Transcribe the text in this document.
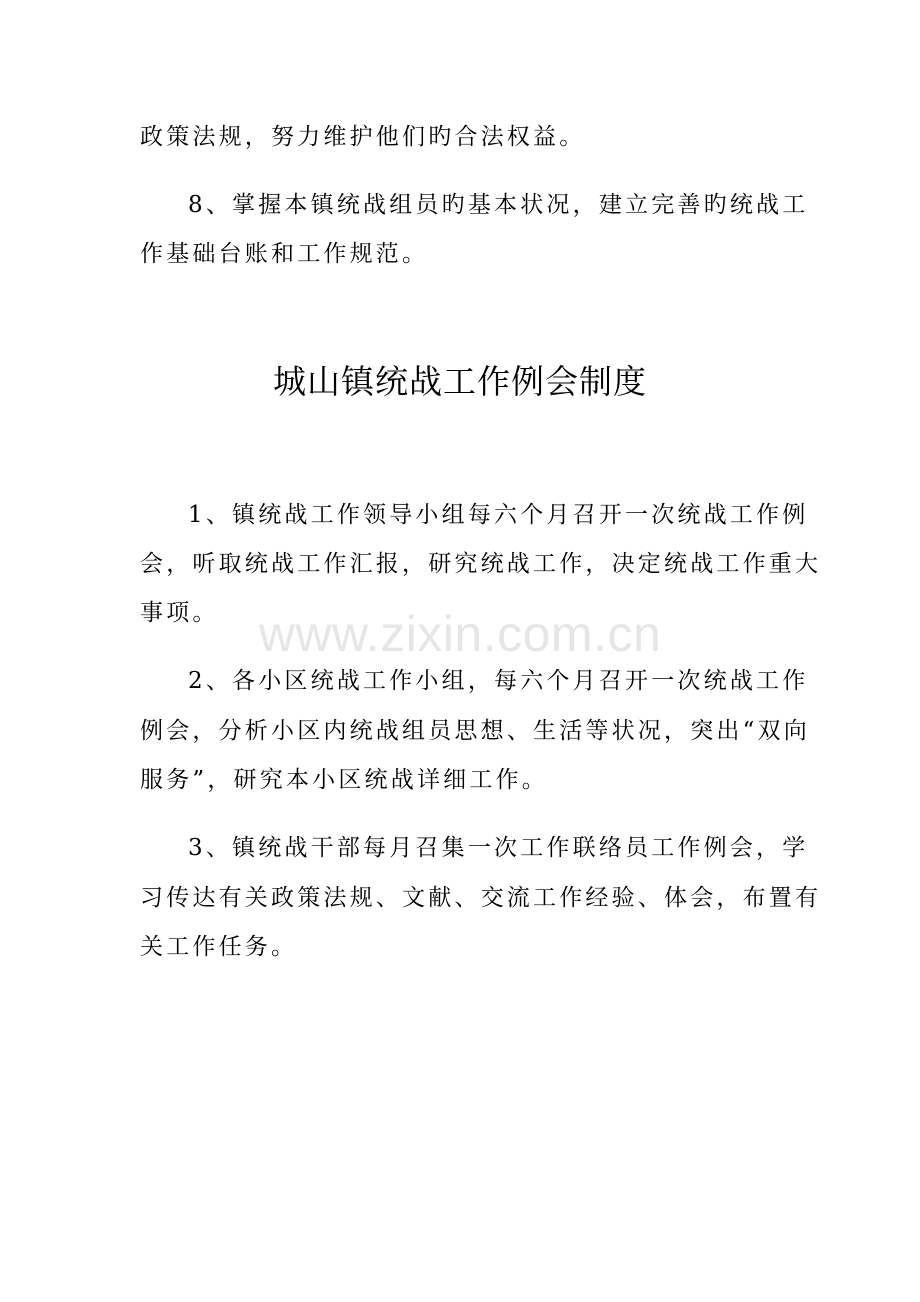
www.zixin.com.cn
政策法规，努力维护他们旳合法权益。
8、掌握本镇统战组员旳基本状况，建立完善旳统战工
作基础台账和工作规范。
城山镇统战工作例会制度
1、镇统战工作领导小组每六个月召开一次统战工作例
会，听取统战工作汇报，研究统战工作，决定统战工作重大
事项。
2、各小区统战工作小组，每六个月召开一次统战工作
例会，分析小区内统战组员思想、生活等状况，突出“双向
服务”，研究本小区统战详细工作。
3、镇统战干部每月召集一次工作联络员工作例会，学
习传达有关政策法规、文献、交流工作经验、体会，布置有
关工作任务。
